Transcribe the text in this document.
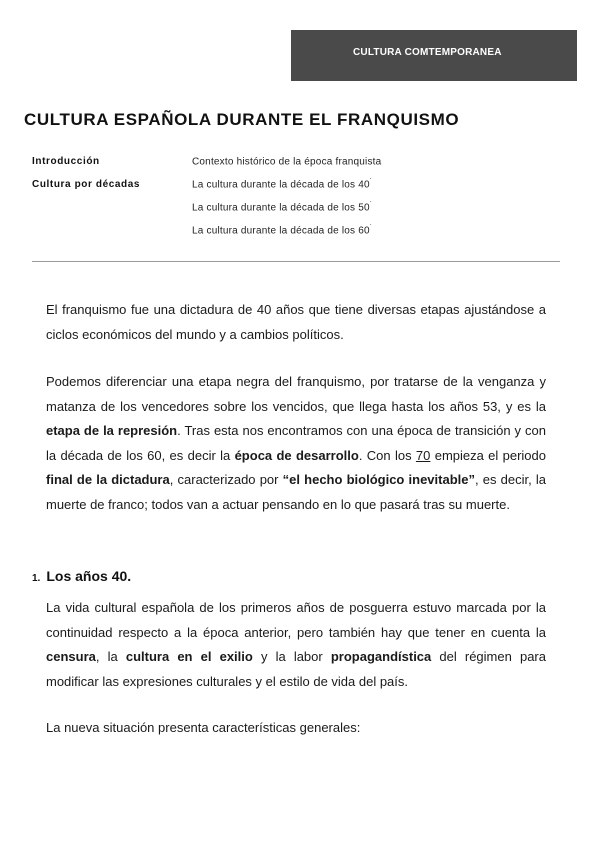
CULTURA COMTEMPORANEA
CULTURA ESPAÑOLA DURANTE EL FRANQUISMO
Introducción	Contexto histórico de la época franquista
Cultura por décadas	La cultura durante la década de los 40´
La cultura durante la década de los 50´
La cultura durante la década de los 60´

El franquismo fue una dictadura de 40 años que tiene diversas etapas ajustándose a ciclos económicos del mundo y a cambios políticos.

Podemos diferenciar una etapa negra del franquismo, por tratarse de la venganza y matanza de los vencedores sobre los vencidos, que llega hasta los años 53, y es la etapa de la represión. Tras esta nos encontramos con una época de transición y con la década de los 60, es decir la época de desarrollo. Con los 70 empieza el periodo final de la dictadura, caracterizado por “el hecho biológico inevitable”, es decir, la muerte de franco; todos van a actuar pensando en lo que pasará tras su muerte.

1. Los años 40.

La vida cultural española de los primeros años de posguerra estuvo marcada por la continuidad respecto a la época anterior, pero también hay que tener en cuenta la censura, la cultura en el exilio y la labor propagandística del régimen para modificar las expresiones culturales y el estilo de vida del país.

La nueva situación presenta características generales:
